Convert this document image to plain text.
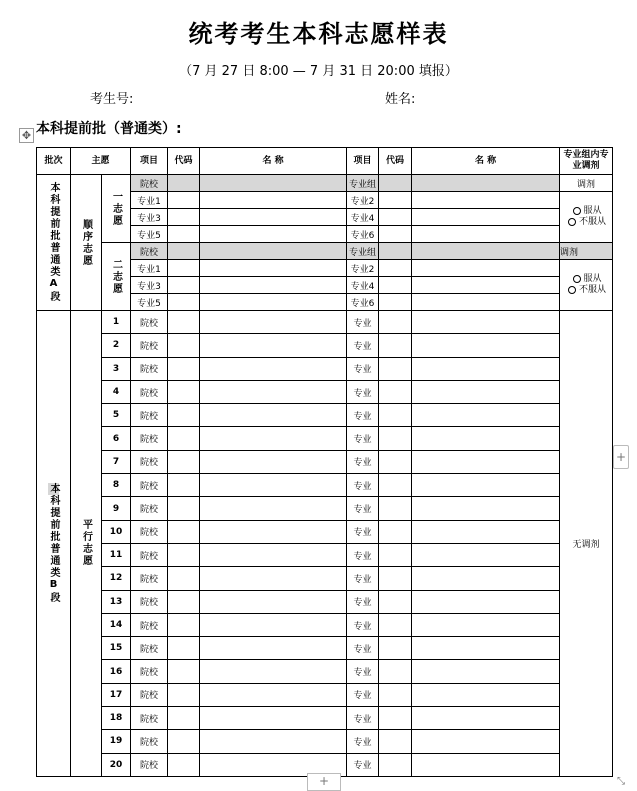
统考考生本科志愿样表
（7 月 27 日 8:00 — 7 月 31 日 20:00 填报）
考生号:	姓名:
✥ 本科提前批（普通类）:
批次	主愿		项目	代码	名 称	项目	代码	名 称	专业组内专业调剂
本科提前批普通类A段	顺序志愿	一志愿	院校			专业组			调剂
			专业1			专业2			服从
不服从

			专业3			专业4			
			专业5			专业6			
		二志愿	院校			专业组			调剂
			专业1			专业2			服从
不服从

			专业3			专业4			
			专业5			专业6			
本科提前批普通类B段	平行志愿	1	院校			专业			无调剂
		2	院校			专业			
		3	院校			专业			
		4	院校			专业			
		5	院校			专业			
		6	院校			专业			
		7	院校			专业			
		8	院校			专业			
		9	院校			专业			
		10	院校			专业			
		11	院校			专业			
		12	院校			专业			
		13	院校			专业			
		14	院校			专业			
		15	院校			专业			
		16	院校			专业			
		17	院校			专业			
		18	院校			专业			
		19	院校			专业			
		20	院校			专业			
+
+	⤡
